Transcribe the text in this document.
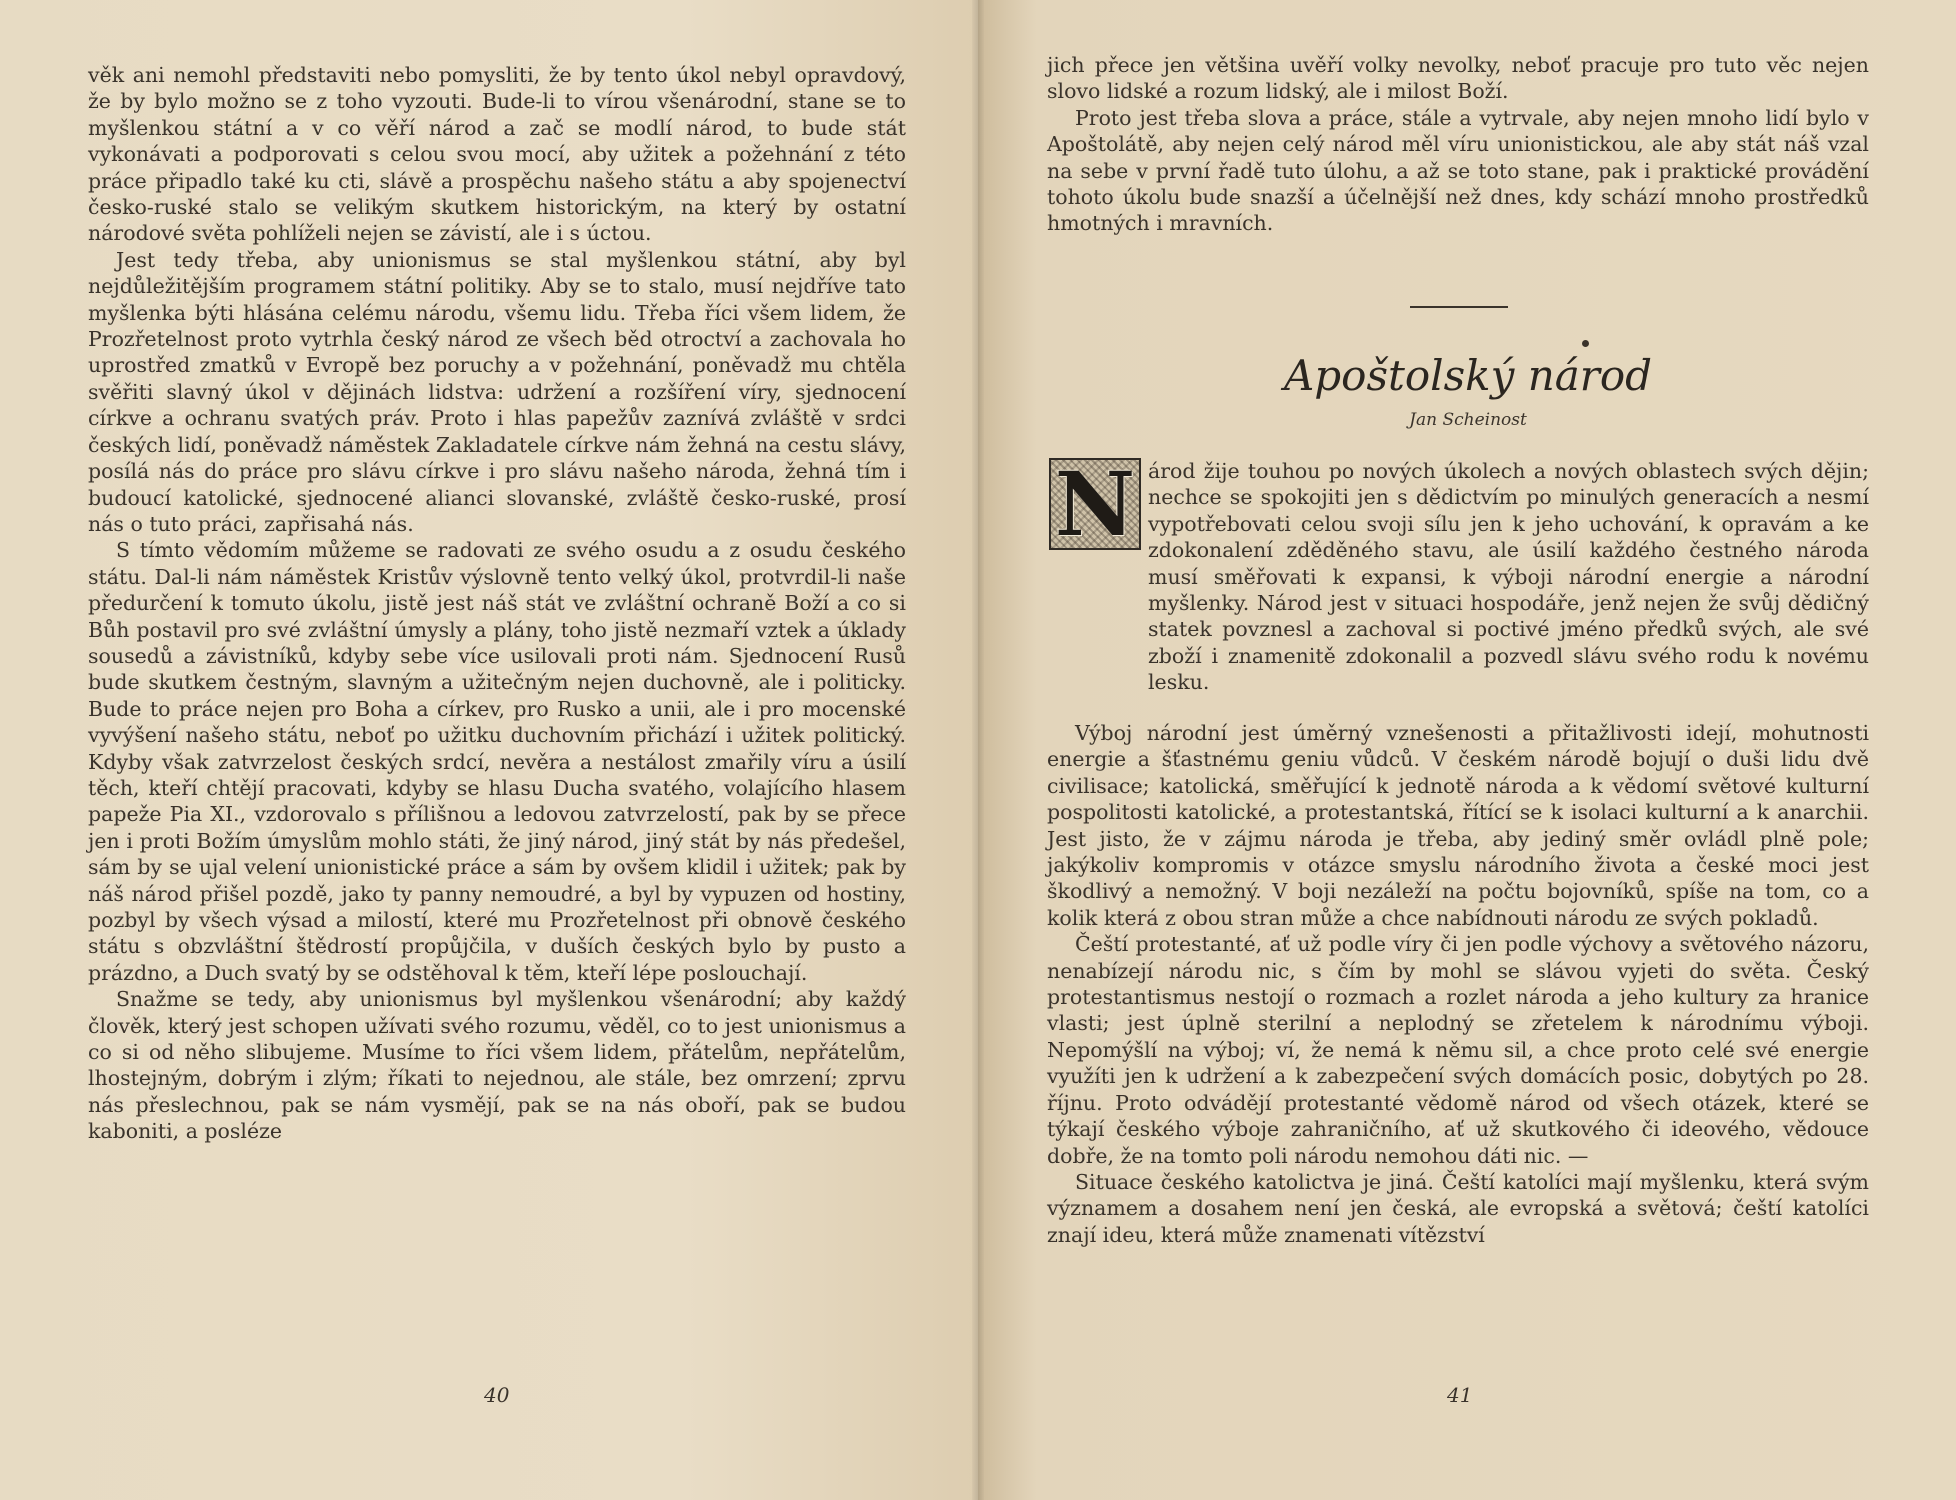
věk ani nemohl představiti nebo pomysliti, že by tento úkol nebyl opravdový, že by bylo možno se z toho vyzouti. Bude-li to vírou všenárodní, stane se to myšlenkou státní a v co věří národ a zač se modlí národ, to bude stát vykonávati a podporovati s celou svou mocí, aby užitek a požehnání z této práce připadlo také ku cti, slávě a prospěchu našeho státu a aby spojenectví česko-ruské stalo se velikým skutkem historickým, na který by ostatní národové světa pohlíželi nejen se závistí, ale i s úctou.

Jest tedy třeba, aby unionismus se stal myšlenkou státní, aby byl nejdůležitějším programem státní politiky. Aby se to stalo, musí nejdříve tato myšlenka býti hlásána celému národu, všemu lidu. Třeba říci všem lidem, že Prozřetelnost proto vytrhla český národ ze všech běd otroctví a zachovala ho uprostřed zmatků v Evropě bez poruchy a v požehnání, poněvadž mu chtěla svěřiti slavný úkol v dějinách lidstva: udržení a rozšíření víry, sjednocení církve a ochranu svatých práv. Proto i hlas papežův zaznívá zvláště v srdci českých lidí, poněvadž náměstek Zakladatele církve nám žehná na cestu slávy, posílá nás do práce pro slávu církve i pro slávu našeho národa, žehná tím i budoucí katolické, sjednocené alianci slovanské, zvláště česko-ruské, prosí nás o tuto práci, zapřisahá nás.

S tímto vědomím můžeme se radovati ze svého osudu a z osudu českého státu. Dal-li nám náměstek Kristův výslovně tento velký úkol, protvrdil-li naše předurčení k tomuto úkolu, jistě jest náš stát ve zvláštní ochraně Boží a co si Bůh postavil pro své zvláštní úmysly a plány, toho jistě nezmaří vztek a úklady sousedů a závistníků, kdyby sebe více usilovali proti nám. Sjednocení Rusů bude skutkem čestným, slavným a užitečným nejen duchovně, ale i politicky. Bude to práce nejen pro Boha a církev, pro Rusko a unii, ale i pro mocenské vyvýšení našeho státu, neboť po užitku duchovním přichází i užitek politický. Kdyby však zatvrzelost českých srdcí, nevěra a nestálost zmařily víru a úsilí těch, kteří chtějí pracovati, kdyby se hlasu Ducha svatého, volajícího hlasem papeže Pia XI., vzdorovalo s přílišnou a ledovou zatvrzelostí, pak by se přece jen i proti Božím úmyslům mohlo státi, že jiný národ, jiný stát by nás předešel, sám by se ujal velení unionistické práce a sám by ovšem klidil i užitek; pak by náš národ přišel pozdě, jako ty panny nemoudré, a byl by vypuzen od hostiny, pozbyl by všech výsad a milostí, které mu Prozřetelnost při obnově českého státu s obzvláštní štědrostí propůjčila, v duších českých bylo by pusto a prázdno, a Duch svatý by se odstěhoval k těm, kteří lépe poslouchají.

Snažme se tedy, aby unionismus byl myšlenkou všenárodní; aby každý člověk, který jest schopen užívati svého rozumu, věděl, co to jest unionismus a co si od něho slibujeme. Musíme to říci všem lidem, přátelům, nepřátelům, lhostejným, dobrým i zlým; říkati to nejednou, ale stále, bez omrzení; zprvu nás přeslechnou, pak se nám vysmějí, pak se na nás oboří, pak se budou kaboniti, a posléze

40

jich přece jen většina uvěří volky nevolky, neboť pracuje pro tuto věc nejen slovo lidské a rozum lidský, ale i milost Boží.

Proto jest třeba slova a práce, stále a vytrvale, aby nejen mnoho lidí bylo v Apoštolátě, aby nejen celý národ měl víru unionistickou, ale aby stát náš vzal na sebe v první řadě tuto úlohu, a až se toto stane, pak i praktické provádění tohoto úkolu bude snazší a účelnější než dnes, kdy schází mnoho prostředků hmotných i mravních.

Apoštolský národ
Jan Scheinost
N árod žije touhou po nových úkolech a nových oblastech svých dějin; nechce se spokojiti jen s dědictvím po minulých generacích a nesmí vypotřebovati celou svoji sílu jen k jeho uchování, k opravám a ke zdokonalení zděděného stavu, ale úsilí každého čestného národa musí směřovati k expansi, k výboji národní energie a národní myšlenky. Národ jest v situaci hospodáře, jenž nejen že svůj dědičný statek povznesl a zachoval si poctivé jméno předků svých, ale své zboží i znamenitě zdokonalil a pozvedl slávu svého rodu k novému lesku.

Výboj národní jest úměrný vznešenosti a přitažlivosti idejí, mohutnosti energie a šťastnému geniu vůdců. V českém národě bojují o duši lidu dvě civilisace; katolická, směřující k jednotě národa a k vědomí světové kulturní pospolitosti katolické, a protestantská, řítící se k isolaci kulturní a k anarchii. Jest jisto, že v zájmu národa je třeba, aby jediný směr ovládl plně pole; jakýkoliv kompromis v otázce smyslu národního života a české moci jest škodlivý a nemožný. V boji nezáleží na počtu bojovníků, spíše na tom, co a kolik která z obou stran může a chce nabídnouti národu ze svých pokladů.

Čeští protestanté, ať už podle víry či jen podle výchovy a světového názoru, nenabízejí národu nic, s čím by mohl se slávou vyjeti do světa. Český protestantismus nestojí o rozmach a rozlet národa a jeho kultury za hranice vlasti; jest úplně sterilní a neplodný se zřetelem k národnímu výboji. Nepomýšlí na výboj; ví, že nemá k němu sil, a chce proto celé své energie využíti jen k udržení a k zabezpečení svých domácích posic, dobytých po 28. říjnu. Proto odvádějí protestanté vědomě národ od všech otázek, které se týkají českého výboje zahraničního, ať už skutkového či ideového, vědouce dobře, že na tomto poli národu nemohou dáti nic. —

Situace českého katolictva je jiná. Čeští katolíci mají myšlenku, která svým významem a dosahem není jen česká, ale evropská a světová; čeští katolíci znají ideu, která může znamenati vítězství

41
